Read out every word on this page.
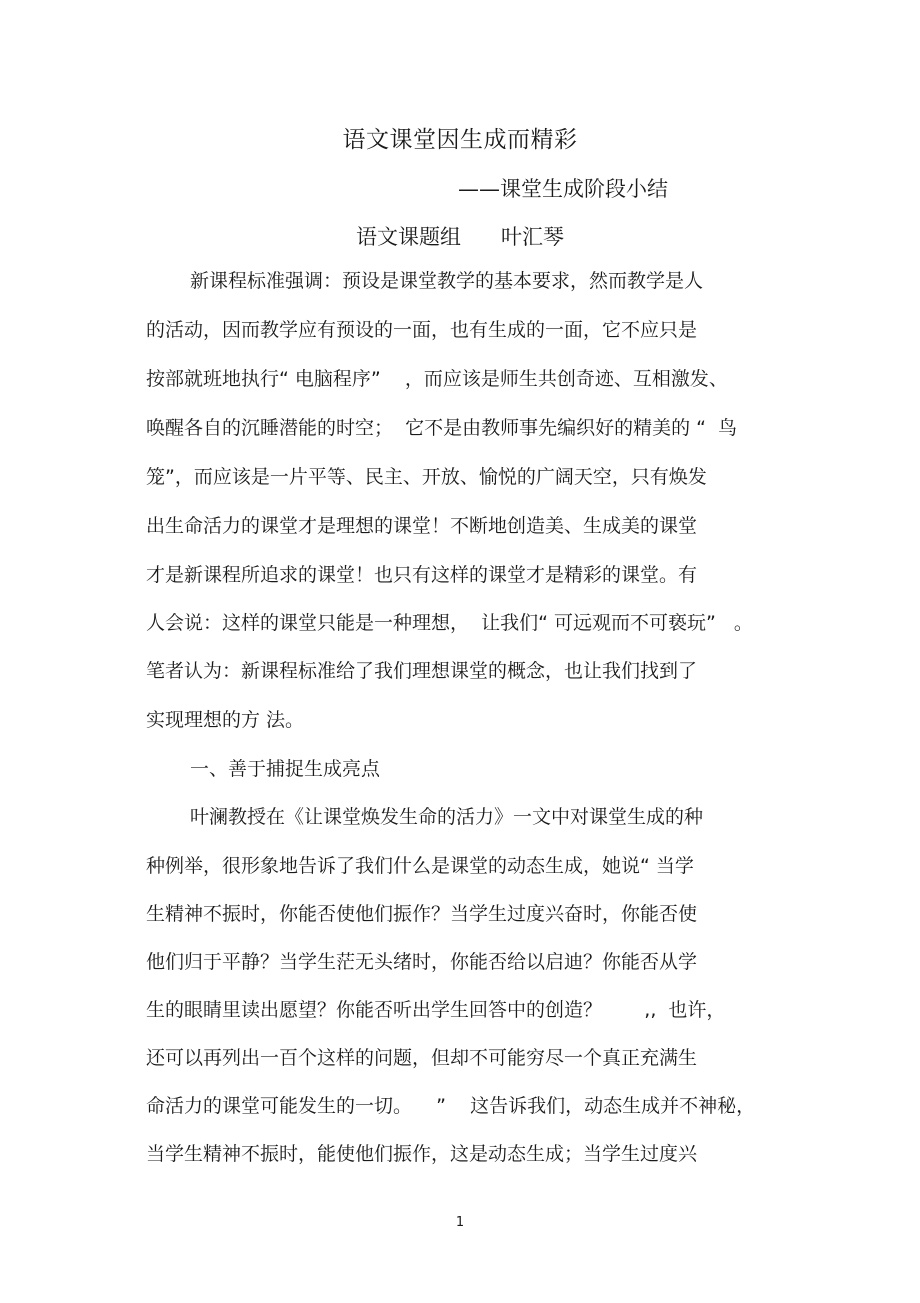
语文课堂因生成而精彩
——课堂生成阶段小结
语文课题组 叶汇琴
新课程标准强调：预设是课堂教学的基本要求，然而教学是人
的活动，因而教学应有预设的一面，也有生成的一面，它不应只是
按部就班地执行“ 电脑程序”    ，而应该是师生共创奇迹、互相激发、
唤醒各自的沉睡潜能的时空；  它不是由教师事先编织好的精美的 “  鸟
笼”，而应该是一片平等、民主、开放、愉悦的广阔天空，只有焕发
出生命活力的课堂才是理想的课堂！不断地创造美、生成美的课堂
才是新课程所追求的课堂！也只有这样的课堂才是精彩的课堂。有
人会说：这样的课堂只能是一种理想，  让我们“ 可远观而不可亵玩”   。
笔者认为：新课程标准给了我们理想课堂的概念，也让我们找到了
实现理想的方 法。
一、善于捕捉生成亮点
叶澜教授在《让课堂焕发生命的活力》一文中对课堂生成的种
种例举，很形象地告诉了我们什么是课堂的动态生成，她说“ 当学
生精神不振时，你能否使他们振作？当学生过度兴奋时，你能否使
他们归于平静？当学生茫无头绪时，你能否给以启迪？你能否从学
生的眼睛里读出愿望？你能否听出学生回答中的创造？       ,,  也许，
还可以再列出一百个这样的问题，但却不可能穷尽一个真正充满生
命活力的课堂可能发生的一切。    ”    这告诉我们，动态生成并不神秘，
当学生精神不振时，能使他们振作，这是动态生成；当学生过度兴
1
